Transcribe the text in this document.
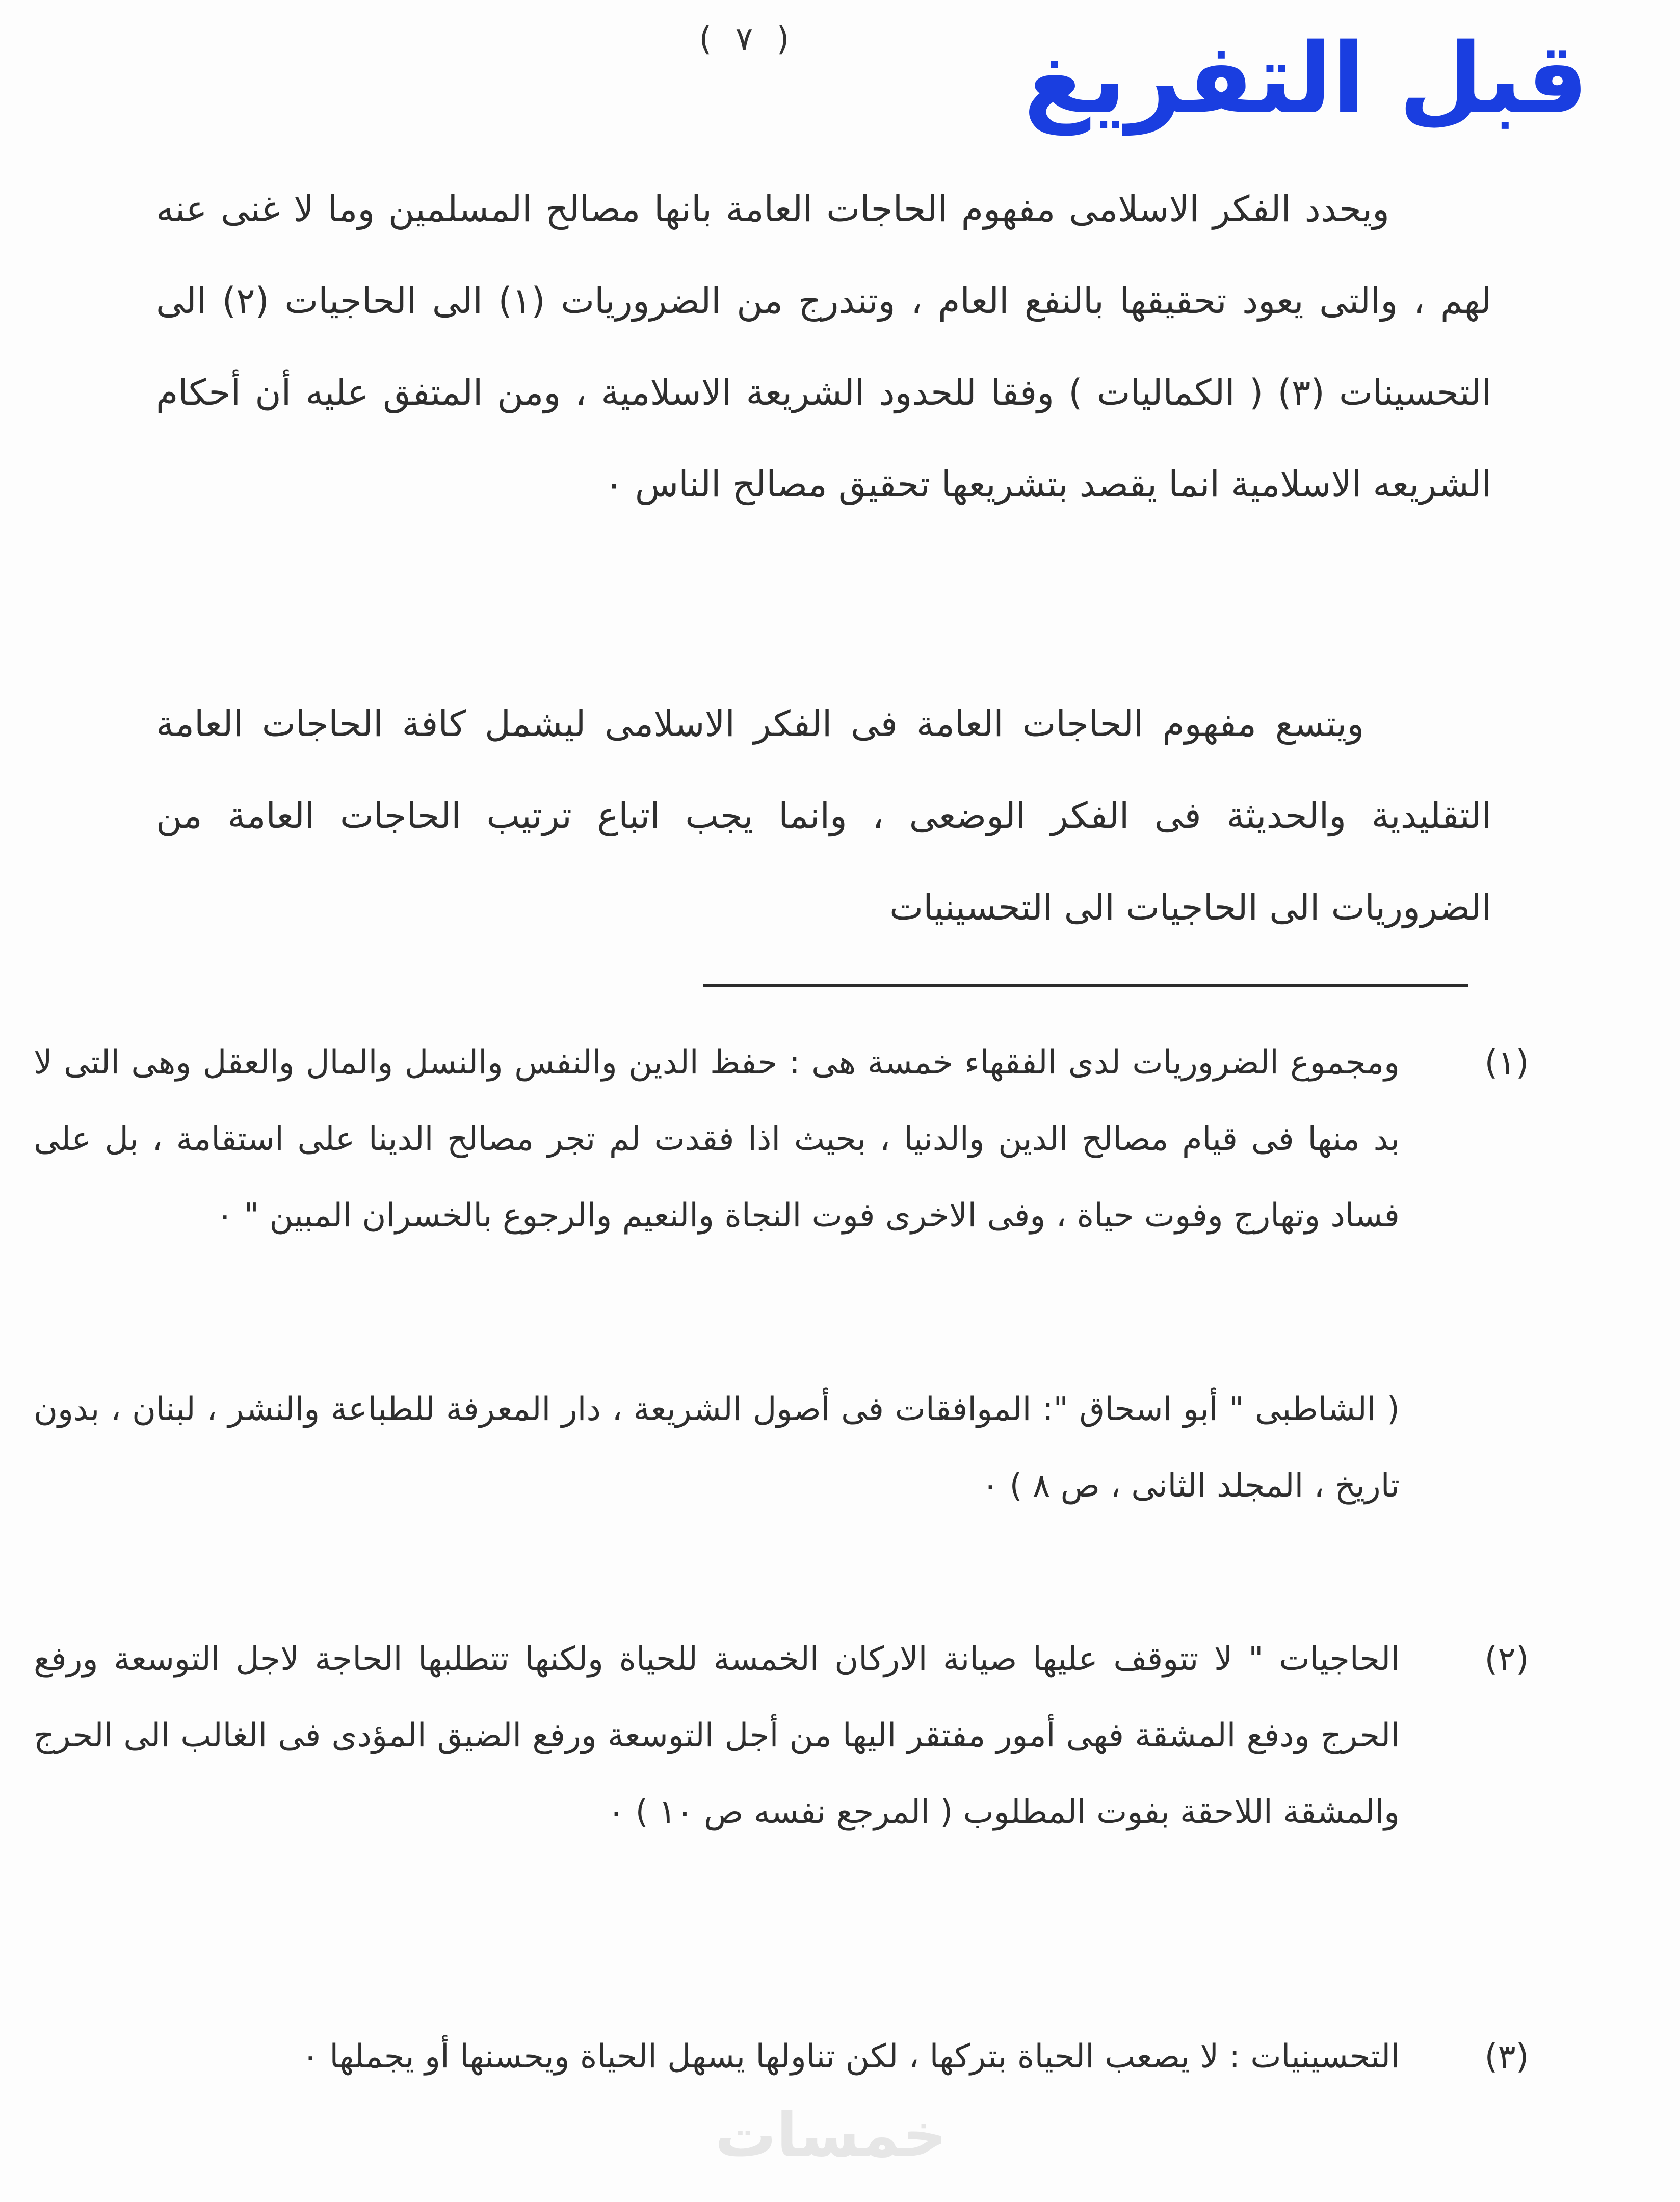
( ٧ ) قبل التفريغ

ويحدد الفكر الاسلامى مفهوم الحاجات العامة بانها مصالح المسلمين وما لا غنى عنه لهم ، والتى يعود تحقيقها بالنفع العام ، وتندرج من الضروريات (١) الى الحاجيات (٢) الى التحسينات (٣) ( الكماليات ) وفقا للحدود الشريعة الاسلامية ، ومن المتفق عليه أن أحكام الشريعه الاسلامية انما يقصد بتشريعها تحقيق مصالح الناس ٠

ويتسع مفهوم الحاجات العامة فى الفكر الاسلامى ليشمل كافة الحاجات العامة التقليدية والحديثة فى الفكر الوضعى ، وانما يجب اتباع ترتيب الحاجات العامة من الضروريات الى الحاجيات الى التحسينيات

(١)

ومجموع الضروريات لدى الفقهاء خمسة هى : حفظ الدين والنفس والنسل والمال والعقل وهى التى لا بد منها فى قيام مصالح الدين والدنيا ، بحيث اذا فقدت لم تجر مصالح الدينا على استقامة ، بل على فساد وتهارج وفوت حياة ، وفى الاخرى فوت النجاة والنعيم والرجوع بالخسران المبين " ٠

( الشاطبى " أبو اسحاق ": الموافقات فى أصول الشريعة ، دار المعرفة للطباعة والنشر ، لبنان ، بدون تاريخ ، المجلد الثانى ، ص ٨ ) ٠

(٢)

الحاجيات " لا تتوقف عليها صيانة الاركان الخمسة للحياة ولكنها تتطلبها الحاجة لاجل التوسعة ورفع الحرج ودفع المشقة فهى أمور مفتقر اليها من أجل التوسعة ورفع الضيق المؤدى فى الغالب الى الحرج والمشقة اللاحقة بفوت المطلوب ( المرجع نفسه ص ١٠ ) ٠

(٣)

التحسينيات : لا يصعب الحياة بتركها ، لكن تناولها يسهل الحياة ويحسنها أو يجملها ٠

خمسات
